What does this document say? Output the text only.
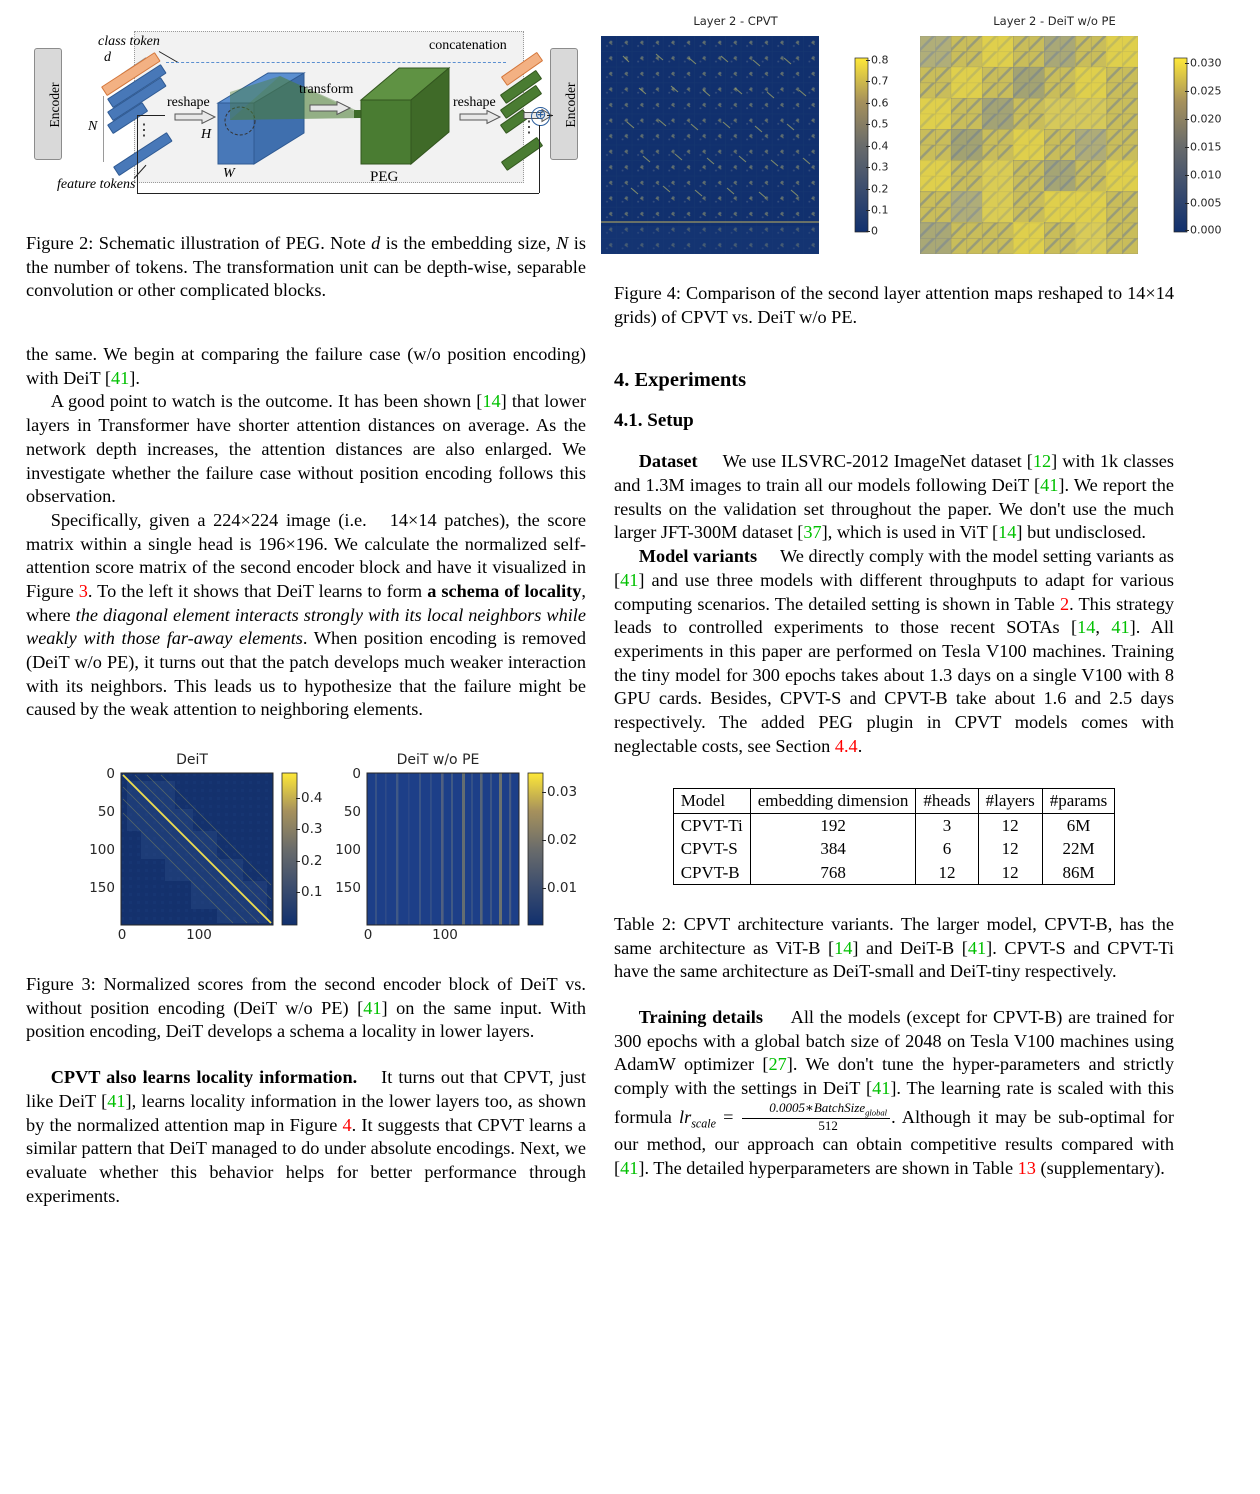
Encoder	Encoder
class token
d
⋮
N
feature tokens
concatenation
reshape
H
W
transform
PEG
reshape
⋮
⊕
Figure 2: Schematic illustration of PEG. Note d is the embedding size, N is the number of tokens. The transformation unit can be depth-wise, separable convolution or other complicated blocks.

the same. We begin at comparing the failure case (w/o position encoding) with DeiT [41].

A good point to watch is the outcome. It has been shown [14] that lower layers in Transformer have shorter attention distances on average. As the network depth increases, the attention distances are also enlarged. We investigate whether the failure case without position encoding follows this observation.

Specifically, given a 224×224 image (i.e.   14×14 patches), the score matrix within a single head is 196×196. We calculate the normalized self-attention score matrix of the second encoder block and have it visualized in Figure 3. To the left it shows that DeiT learns to form a schema of locality, where the diagonal element interacts strongly with its local neighbors while weakly with those far-away elements. When position encoding is removed (DeiT w/o PE), it turns out that the patch develops much weaker interaction with its neighbors. This leads us to hypothesize that the failure might be caused by the weak attention to neighboring elements.

DeiT
0
50
100
150	0.1
0.2
0.3
0.4
0	100
DeiT w/o PE
0
50
100
150	0.01
0.02
0.03
0	100
Figure 3: Normalized scores from the second encoder block of DeiT vs. without position encoding (DeiT w/o PE) [41] on the same input. With position encoding, DeiT develops a schema a locality in lower layers.

CPVT also learns locality information.    It turns out that CPVT, just like DeiT [41], learns locality information in the lower layers too, as shown by the normalized attention map in Figure 4. It suggests that CPVT learns a similar pattern that DeiT managed to do under absolute encodings. Next, we evaluate whether this behavior helps for better performance through experiments.

Layer 2 - CPVT
0
0.1
0.2
0.3
0.4
0.5
0.6
0.7
0.8
Layer 2 - DeiT w/o PE
0.000
0.005
0.010
0.015
0.020
0.025
0.030
Figure 4: Comparison of the second layer attention maps reshaped to 14×14 grids) of CPVT vs. DeiT w/o PE.
4. Experiments
4.1. Setup

Dataset     We use ILSVRC-2012 ImageNet dataset [12] with 1k classes and 1.3M images to train all our models following DeiT [41]. We report the results on the validation set throughout the paper. We don't use the much larger JFT-300M dataset [37], which is used in ViT [14] but undisclosed.

Model variants     We directly comply with the model setting variants as [41] and use three models with different throughputs to adapt for various computing scenarios. The detailed setting is shown in Table 2. This strategy leads to controlled experiments to those recent SOTAs [14, 41]. All experiments in this paper are performed on Tesla V100 machines. Training the tiny model for 300 epochs takes about 1.3 days on a single V100 with 8 GPU cards. Besides, CPVT-S and CPVT-B take about 1.6 and 2.5 days respectively. The added PEG plugin in CPVT models comes with neglectable costs, see Section 4.4.

Model	embedding dimension	#heads	#layers	#params
CPVT-Ti	192	3	12	6M
CPVT-S	384	6	12	22M
CPVT-B	768	12	12	86M
Table 2: CPVT architecture variants. The larger model, CPVT-B, has the same architecture as ViT-B [14] and DeiT-B [41]. CPVT-S and CPVT-Ti have the same architecture as DeiT-small and DeiT-tiny respectively.

Training details     All the models (except for CPVT-B) are trained for 300 epochs with a global batch size of 2048 on Tesla V100 machines using AdamW optimizer [27]. We don't tune the hyper-parameters and strictly comply with the settings in DeiT [41]. The learning rate is scaled with this formula $lr_{scale} = \frac{0.0005∗BatchSize_{global}}{512}$ . Although it may be sub-optimal for our method, our approach can obtain competitive results compared with [41]. The detailed hyperparameters are shown in Table 13 (supplementary).
